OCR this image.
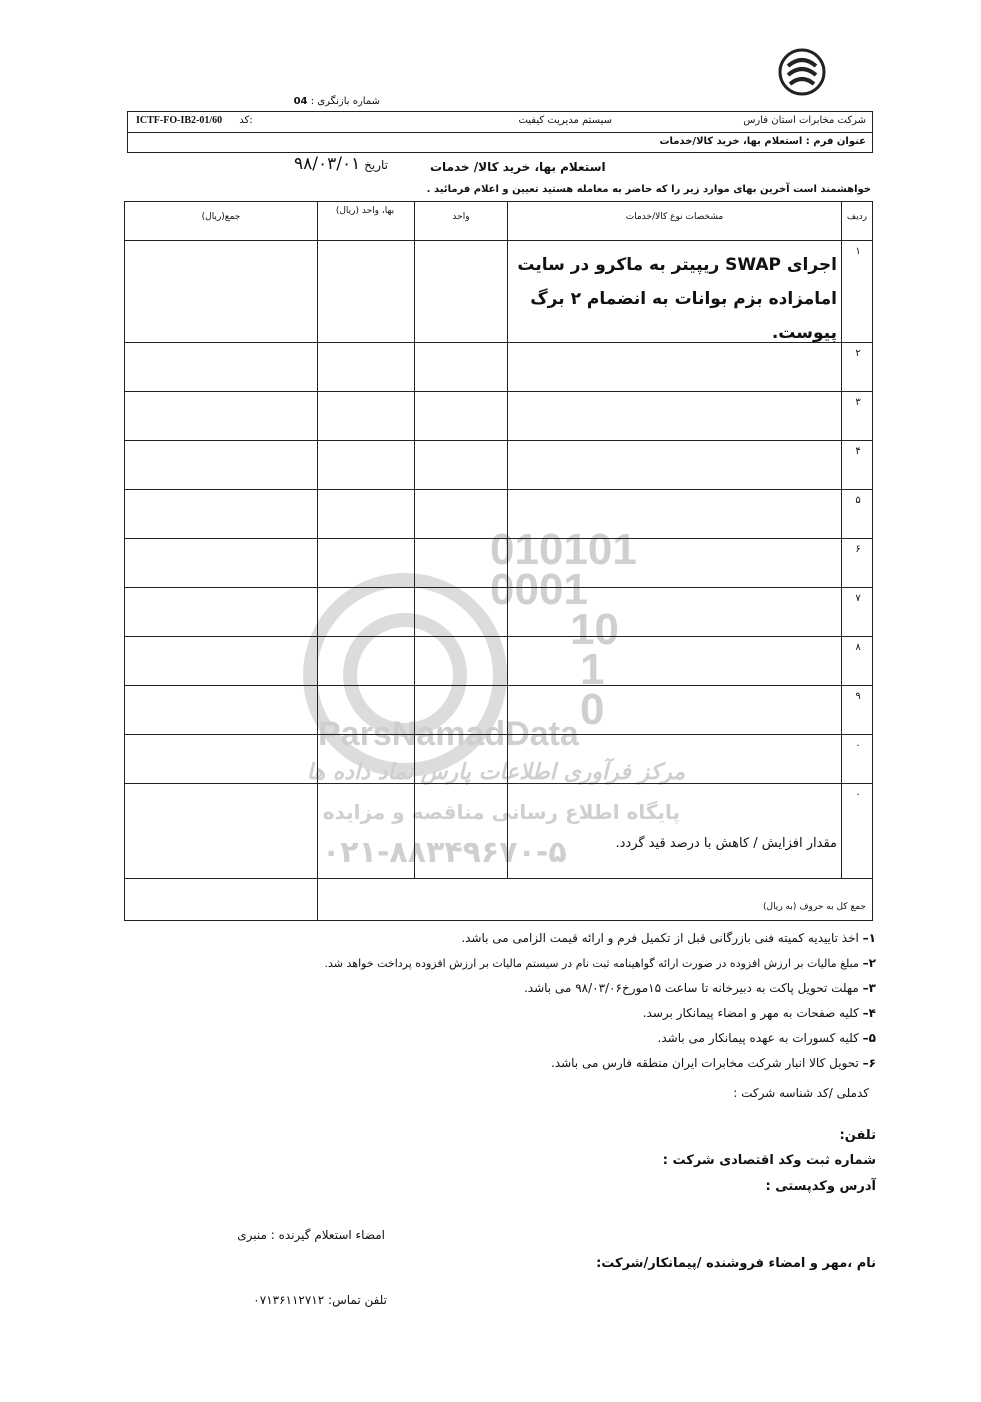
شماره بازنگری : 04
شرکت مخابرات استان فارس
سیستم مدیریت کیفیت
ICTF-FO-IB2-01/60 کد:
عنوان فرم : استعلام بها، خرید کالا/خدمات
استعلام بها، خرید کالا/ خدمات
تاریخ ۹۸/۰۳/۰۱
خواهشمند است آخرین بهای موارد زیر را که حاضر به معامله هستید تعیین و اعلام فرمائید .
010101
0001
10
1
0
ParsNamadData
مرکز فرآوری اطلاعات پارس نماد داده ها
پایگاه اطلاع رسانی مناقصه و مزایده
۰۲۱-۸۸۳۴۹۶۷۰-۵
ردیف
مشخصات نوع کالا/خدمات
واحد
بها، واحد (ریال)
جمع(ریال)
۱
۲
۳
۴
۵
۶
۷
۸
۹
۰
۰
اجرای SWAP ریپیتر به ماکرو در سایت امامزاده بزم بوانات به انضمام ۲ برگ پیوست.
مقدار افزایش / کاهش با درصد قید گردد.
جمع کل به حروف (به ریال)

۱– اخذ تاییدیه کمیته فنی بازرگانی قبل از تکمیل فرم و ارائه قیمت الزامی می باشد.

۲– مبلغ مالیات بر ارزش افزوده در صورت ارائه گواهینامه ثبت نام در سیستم مالیات بر ارزش افزوده پرداخت خواهد شد.

۳– مهلت تحویل پاکت به دبیرخانه تا ساعت ۱۵مورخ۹۸/۰۳/۰۶ می باشد.

۴– کلیه صفحات به مهر و امضاء پیمانکار برسد.

۵– کلیه کسورات به عهده پیمانکار می باشد.

۶– تحویل کالا انبار شرکت مخابرات ایران منطقه فارس می باشد.

کدملی /کد شناسه شرکت :
تلفن:
شماره ثبت وکد اقتصادی شرکت :
آدرس وکدپستی :
امضاء استعلام گیرنده : منبری
نام ،مهر و امضاء فروشنده /پیمانکار/شرکت:
تلفن تماس: ۰۷۱۳۶۱۱۲۷۱۲
